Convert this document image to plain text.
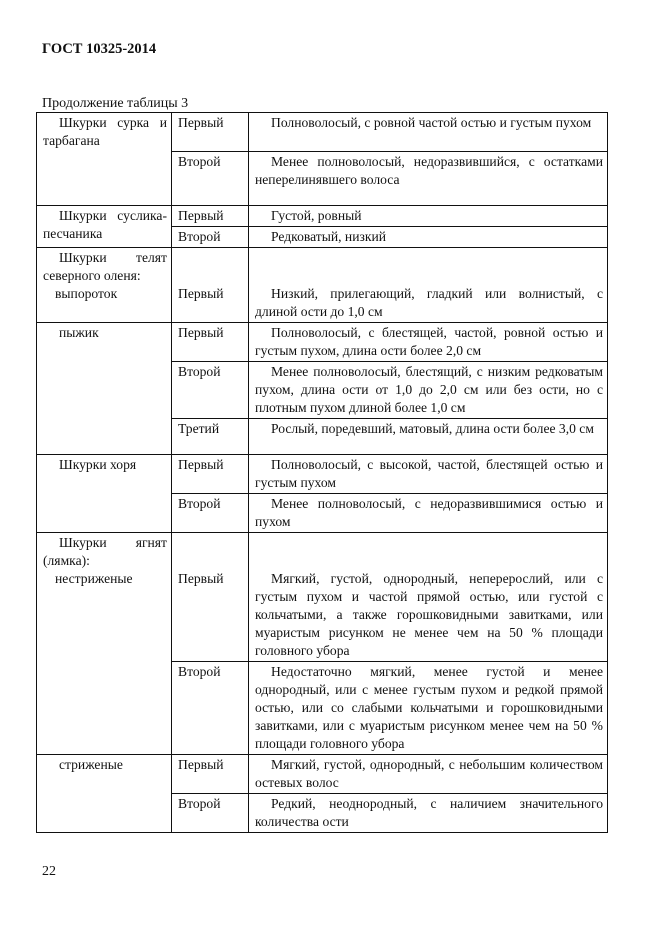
ГОСТ 10325-2014
Продолжение таблицы 3
Шкурки сурка и тарбагана	Первый	Полноволосый, с ровной частой остью и густым пухом
	Второй	Менее полноволосый, недоразвившийся, с остатками неперелинявшего волоса
Шкурки суслика-песчаника	Первый	Густой, ровный
	Второй	Редковатый, низкий

Шкурки телят северного оленя:
выпороток	Первый	Низкий, прилегающий, гладкий или волнистый, с длиной ости до 1,0 см
пыжик	Первый	Полноволосый, с блестящей, частой, ровной остью и густым пухом, длина ости более 2,0 см
	Второй	Менее полноволосый, блестящий, с низким редковатым пухом, длина ости от 1,0 до 2,0 см или без ости, но с плотным пухом длиной более 1,0 см
	Третий	Рослый, поредевший, матовый, длина ости более 3,0 см
Шкурки хоря	Первый	Полноволосый, с высокой, частой, блестящей остью и густым пухом
	Второй	Менее полноволосый, с недоразвившимися остью и пухом

Шкурки ягнят (лямка):
нестриженые	Первый	Мягкий, густой, однородный, неперерослий, или с густым пухом и частой прямой остью, или густой с кольчатыми, а также горошковидными завитками, или муаристым рисунком не менее чем на 50 % площади головного убора
	Второй	Недостаточно мягкий, менее густой и менее однородный, или с менее густым пухом и редкой прямой остью, или со слабыми кольчатыми и горошковидными завитками, или с муаристым рисунком менее чем на 50 % площади головного убора
стриженые	Первый	Мягкий, густой, однородный, с небольшим количеством остевых волос
	Второй	Редкий, неоднородный, с наличием значительного количества ости
22
